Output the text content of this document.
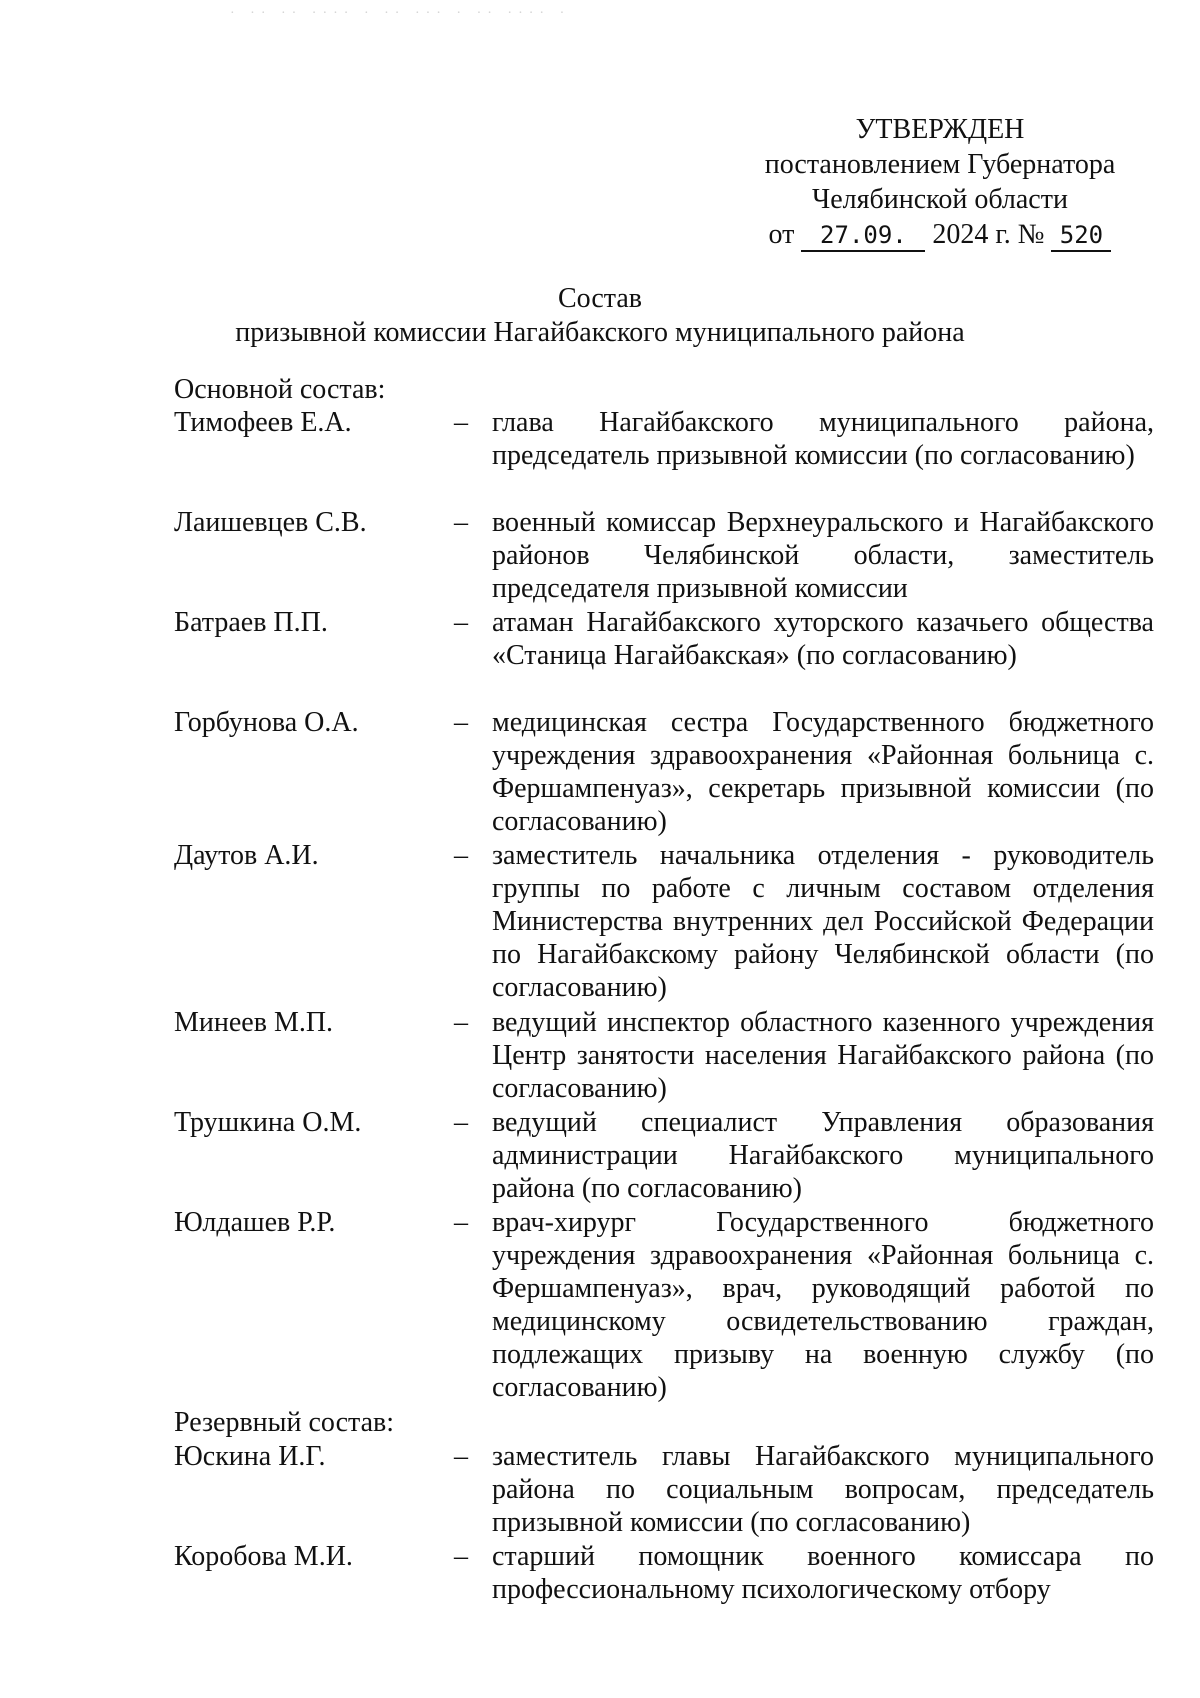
· ·· ·· ···· · ·· ··· · ·· ···· ·
УТВЕРЖДЕН
постановлением Губернатора
Челябинской области
от 27.09. 2024 г. № 520
Состав
призывной комиссии Нагайбакского муниципального района
Основной состав:
Тимофеев Е.А.	– глава Нагайбакского муниципального района, председатель призывной комиссии (по согласованию)
Лаишевцев С.В.	– военный комиссар Верхнеуральского и Нагайбакского районов Челябинской области, заместитель председателя призывной комиссии
Батраев П.П.	– атаман Нагайбакского хуторского казачьего общества «Станица Нагайбакская» (по согласованию)
Горбунова О.А.	– медицинская сестра Государственного бюджетного учреждения здравоохранения «Районная больница с. Фершампенуаз», секретарь призывной комиссии (по согласованию)
Даутов А.И.	– заместитель начальника отделения - руководитель группы по работе с личным составом отделения Министерства внутренних дел Российской Федерации по Нагайбакскому району Челябинской области (по согласованию)
Минеев М.П.	– ведущий инспектор областного казенного учреждения Центр занятости населения Нагайбакского района (по согласованию)
Трушкина О.М.	– ведущий специалист Управления образования администрации Нагайбакского муниципального района (по согласованию)
Юлдашев Р.Р.	– врач-хирург Государственного бюджетного учреждения здравоохранения «Районная больница с. Фершампенуаз», врач, руководящий работой по медицинскому освидетельствованию граждан, подлежащих призыву на военную службу (по согласованию)
Резервный состав:
Юскина И.Г.	– заместитель главы Нагайбакского муниципального района по социальным вопросам, председатель призывной комиссии (по согласованию)
Коробова М.И.	– старший помощник военного комиссара по профессиональному психологическому отбору
